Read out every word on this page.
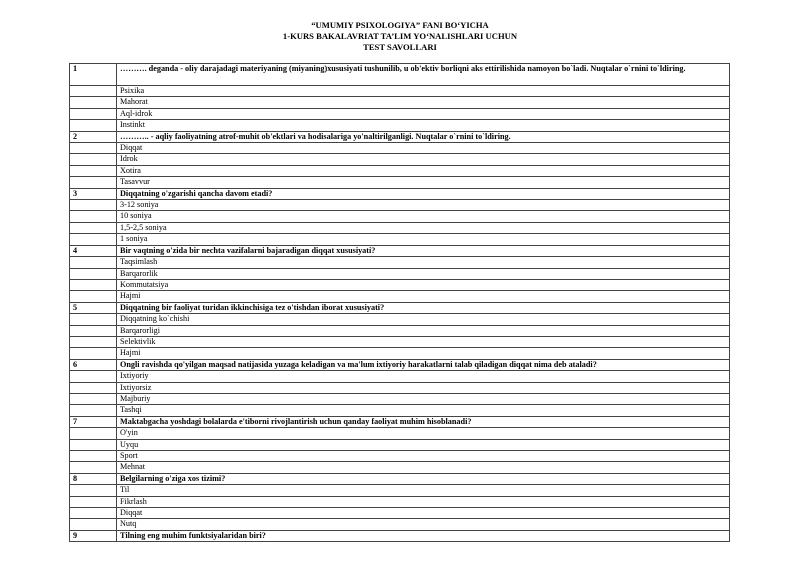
“UMUMIY PSIXOLOGIYA” FANI BO‘YICHA
1-KURS BAKALAVRIAT TA’LIM YO‘NALISHLARI UCHUN
TEST SAVOLLARI
1	………. deganda - oliy darajadagi materiyaning (miyaning)xususiyati tushunilib, u ob'ektiv borliqni aks ettirilishida namoyon bo`ladi. Nuqtalar o`rnini to`ldiring.
	Psixika
	Mahorat
	Aql-idrok
	Instinkt
2	……….. - aqliy faoliyatning atrof-muhit ob'ektlari va hodisalariga yo'naltirilganligi. Nuqtalar o`rnini to`ldiring.
	Diqqat
	Idrok
	Xotira
	Tasavvur
3	Diqqatning o'zgarishi qancha davom etadi?
	3-12 soniya
	10 soniya
	1,5-2,5 soniya
	1 soniya
4	Bir vaqtning o'zida bir nechta vazifalarni bajaradigan diqqat xususiyati?
	Taqsimlash
	Barqarorlik
	Kommutatsiya
	Hajmi
5	Diqqatning bir faoliyat turidan ikkinchisiga tez o'tishdan iborat xususiyati?
	Diqqatning ko`chishi
	Barqarorligi
	Selektivlik
	Hajmi
6	Ongli ravishda qo'yilgan maqsad natijasida yuzaga keladigan va ma'lum ixtiyoriy harakatlarni talab qiladigan diqqat nima deb ataladi?
	Ixtiyoriy
	Ixtiyorsiz
	Majburiy
	Tashqi
7	Maktabgacha yoshdagi bolalarda e'tiborni rivojlantirish uchun qanday faoliyat muhim hisoblanadi?
	O'yin
	Uyqu
	Sport
	Mehnat
8	Belgilarning o'ziga xos tizimi?
	Til
	Fikrlash
	Diqqat
	Nutq
9	Tilning eng muhim funktsiyalaridan biri?
